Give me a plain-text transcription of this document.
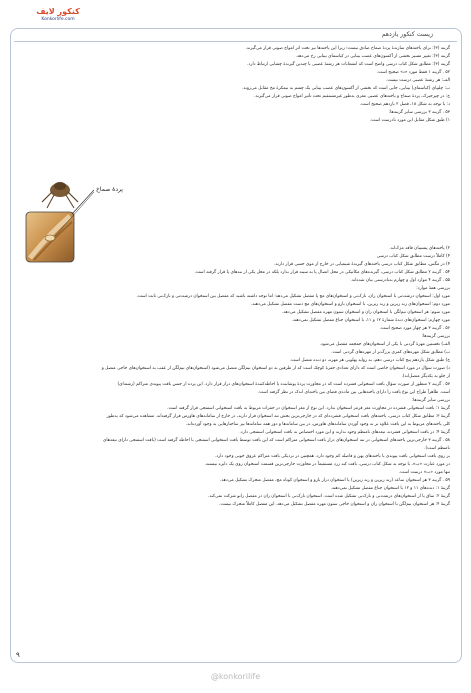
کنکور لایف
Konkorlife.com
زیست کنکور یازدهم
گزینه (۳): برای یاخته‌های سازندهٔ پردهٔ صماخ صادق نیست؛ زیرا این یاخته‌ها نیز تحت اثر امواج صوتی قرار می‌گیرند.
گزینه (۳): تغییر مسیر بخشی از آکسون‌های عصب بینایی در کیاسمای بینایی رخ می‌دهد.
گزینه (۳): مطابق شکل کتاب درسی واضح است که انشعابات هر رشتهٔ عصبی با چندین گیرندهٔ چشایی ارتباط دارد.
۵۲ . گزینه ۱ فقط مورد «د» صحیح است.
الف: هر رشتهٔ عصبی درست نیست.
ب: چلیپای (کیاسمای) بینایی، جایی است که بخشی از آکسون‌های عصب بینایی یک چشم به نیمکرهٔ مخ مقابل می‌روند.
ج: در چیرجیرک، پردهٔ صماخ و یاخته‌های عصبی مغزی به‌طور غیرمستقیم تحت تأثیر امواج صوتی قرار می‌گیرند.
د: با توجه به شکل ۱۸، فصل ۲ یازدهم صحیح است.
۵۳ . گزینه ۳ بررسی سایر گزینه‌ها:
۱) طبق شکل مقابل این مورد نادرست است.
۲) یاخته‌های پشتیبان فاقد مژک‌اند.
۴) کاملاً درست مطابق شکل کتاب درسی
۴) در مگس، مطابق شکل کتاب درسی یاخته‌های گیرندهٔ شیمیایی در خارج از موی حسی قرار دارند.
۵۴ . گزینه ۲ مطابق شکل کتاب درسی، گیرنده‌های مکانیکی در محل اتصال پا به سینه قرار ندارد بلکه در محل یکی از بندهای پا قرار گرفته است.
۵۵ . گزینه ۴ موارد اول و چهارم به‌نادرستی بیان شده‌اند.
بررسی همهٔ موارد:
مورد اول: استخوان درشت‌نی با استخوان ران، نازک‌نی و استخوان‌های مچ پا مفصل تشکیل می‌دهد؛ اما توجه داشته باشید که مفصل بین استخوان درشت‌نی و نازک‌نی ثابت است.
مورد دوم: استخوان‌های زند زیرین و زند زبرین، با استخوان بازو و استخوان‌های مچ دست مفصل تشکیل می‌دهند.
مورد سوم: هر استخوان نیم‌لگن با استخوان ران و استخوان ستون مهره مفصل تشکیل می‌دهد.
مورد چهارم: استخوان‌های دندهٔ شمارهٔ ۱۲ و ۱۱، با استخوان جناغ مفصل تشکیل نمی‌دهند.
۵۶ . گزینه ۳ هر چهار مورد صحیح است.
بررسی گزینه‌ها:
الف) نخستین مهرهٔ گردنی با یکی از استخوان‌های جمجمه مفصل می‌شود.
ب) مطابق شکل مهره‌های کمری بزرگ‌تر از مهره‌های گردنی است.
ج) طبق شکل یازدهم پنج کتاب درسی دهم، به زواید پهلویی هر مهره، دو دنده متصل است.
د) صورت سؤال در مورد استخوان خاصی است که دارای تعدادی حفرهٔ کوچک است که از طرفین به دو استخوان نیم‌لگن متصل می‌شود (استخوان‌های نیم‌لگن از عقب به استخوان‌های خاجی متصل و
از جلو به یکدیگر متصل‌اند).
۵۷ . گزینه ۲ منظور از صورت سؤال بافت استخوانی فشرده است که در مجاورت پردهٔ پوشاننده یا احاطه‌کنندهٔ استخوان‌های دراز قرار دارد. این پرده از جنس بافت پیوندی متراکم (رشته‌ای)
است. ظاهراً طراح این نوع بافت را دارای یاخته‌هایی بین ماده‌ی فضای بین یاخته‌ای اندک در نظر گرفته است.
بررسی سایر گزینه‌ها:
گزینهٔ ۱: بافت استخوانی فشرده در مجاورت مغز قرمز استخوان ندارد. این نوع از مغز استخوان در حفرات مربوط به بافت استخوانی اسفنجی قرار گرفته است.
گزینهٔ ۳: مطابق شکل کتاب درسی، یاخته‌های بافت استخوانی فشرده‌ای که در خارجی‌ترین بخش تنه استخوان قرار دارند، در خارج از سامانه‌های هاورس قرار گرفته‌اند. مشاهده می‌شود که به‌طور
کلی یاخته‌های مربوط به این بافت علاوه بر به وجود آوردن سامانه‌های هاورس، در بین سامانه‌ها و دور همه سامانه‌ها نیز ساختارهایی به وجود آورده‌اند.
گزینهٔ ۴: در بافت استخوانی فشرده، تیغه‌های نامنظم وجود ندارند و این مورد اختصاص به بافت استخوانی اسفنجی دارد.
۵۸ . گزینه ۳ خارجی‌ترین یاخته‌های استخوانی در تنه استخوان‌های دراز بافت استخوانی متراکم است که این بافت توسط بافت استخوانی اسفنجی با احاطه گرفته است (بافت اسفنجی دارای تیغه‌های
نامنظم است).
بر روی بافت استخوانی بافت پیوندی با یاخته‌های پهن و فاصله کم وجود دارد. همچنین در نزدیکی بافت متراکم عروق خونی وجود دارد.
در مورد عبارت «ب»، با توجه به شکل کتاب درسی، بافت کبد زرد مستقیماً در مجاورت خارجی‌ترین قسمت استخوان روی یک دایره نیستند.
تنها مورد «ب» درست است.
۵۹ . گزینه ۳ هر استخوان ساعد (زند زیرین و زند زبرین) با استخوان دراز بازو و استخوان کوتاه مچ، مفصل متحرک تشکیل می‌دهد.
گزینهٔ ۱: دنده‌های ۱۱ و ۱۲ با استخوان جناغ مفصل تشکیل نمی‌دهند.
گزینهٔ ۲: ساق پا از استخوان‌های درشت‌نی و نازک‌نی تشکیل شده است. استخوان نازک‌نی با استخوان ران در مفصل زانو شرکت نمی‌کند.
گزینهٔ ۴: هر استخوان نیم‌لگن با استخوان ران و استخوان خاجی ستون مهره مفصل تشکیل می‌دهد. این مفصل کاملاً متحرک نیست.
پردهٔ صماخ
۹
@konkorilife
